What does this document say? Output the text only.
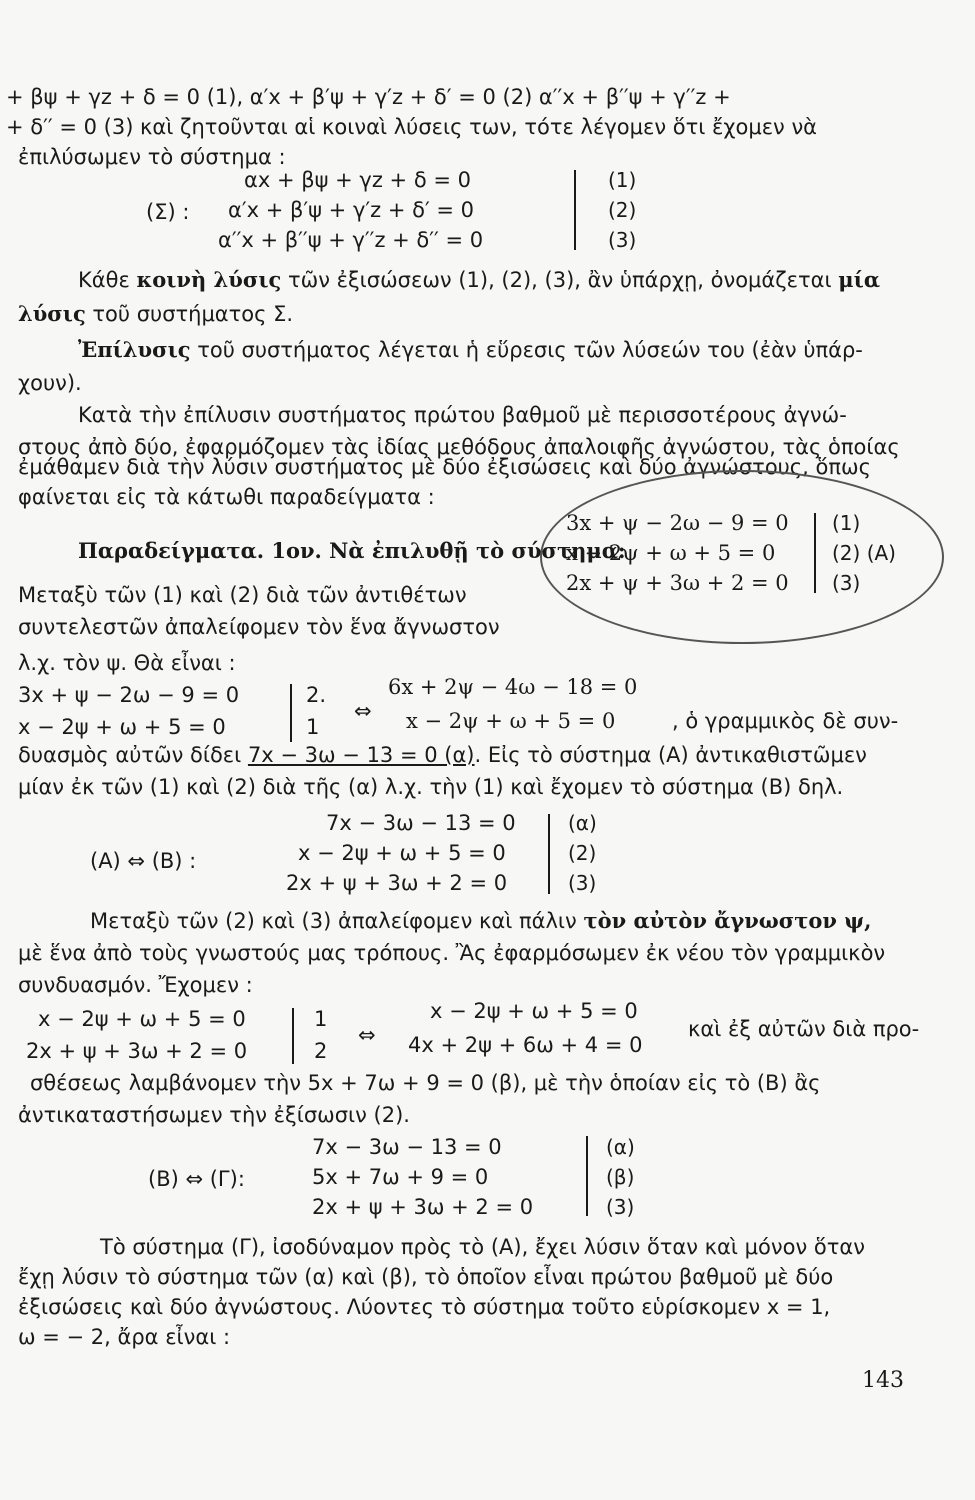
+ βψ + γz + δ = 0 (1), α′x + β′ψ + γ′z + δ′ = 0 (2) α′′x + β′′ψ + γ′′z +
+ δ′′ = 0 (3) καὶ ζητοῦνται αἱ κοιναὶ λύσεις των, τότε λέγομεν ὅτι ἔχομεν νὰ
ἐπιλύσωμεν τὸ σύστημα :
(Σ) :
αx + βψ + γz + δ = 0
α′x + β′ψ + γ′z + δ′ = 0
α′′x + β′′ψ + γ′′z + δ′′ = 0
(1)
(2)
(3)
Κάθε κοινὴ λύσις τῶν ἐξισώσεων (1), (2), (3), ἂν ὑπάρχῃ, ὀνομάζεται μία
λύσις τοῦ συστήματος Σ.
Ἐπίλυσις τοῦ συστήματος λέγεται ἡ εὕρεσις τῶν λύσεών του (ἐὰν ὑπάρ-
χουν).
Κατὰ τὴν ἐπίλυσιν συστήματος πρώτου βαθμοῦ μὲ περισσοτέρους ἀγνώ-
στους ἀπὸ δύο, ἐφαρμόζομεν τὰς ἰδίας μεθόδους ἀπαλοιφῆς ἀγνώστου, τὰς ὁποίας
ἐμάθαμεν διὰ τὴν λύσιν συστήματος μὲ δύο ἐξισώσεις καὶ δύο ἀγνώστους, ὅπως
φαίνεται εἰς τὰ κάτωθι παραδείγματα :
Παραδείγματα. 1ον. Νὰ ἐπιλυθῇ τὸ σύστημα:
3x + ψ − 2ω − 9 = 0
x − 2ψ + ω + 5 = 0
2x + ψ + 3ω + 2 = 0
(1)
(2) (A)
(3)
Μεταξὺ τῶν (1) καὶ (2) διὰ τῶν ἀντιθέτων
συντελεστῶν ἀπαλείφομεν τὸν ἕνα ἄγνωστον
λ.χ. τὸν ψ. Θὰ εἶναι :
3x + ψ − 2ω − 9 = 0
x − 2ψ + ω + 5 = 0
2.
1
⇔
6x + 2ψ − 4ω − 18 = 0
x − 2ψ + ω + 5 = 0	, ὁ γραμμικὸς δὲ συν-
δυασμὸς αὐτῶν δίδει 7x − 3ω − 13 = 0 (α). Εἰς τὸ σύστημα (A) ἀντικαθιστῶμεν
μίαν ἐκ τῶν (1) καὶ (2) διὰ τῆς (α) λ.χ. τὴν (1) καὶ ἔχομεν τὸ σύστημα (B) δηλ.
(A) ⇔ (B) :
7x − 3ω − 13 = 0
x − 2ψ + ω + 5 = 0
2x + ψ + 3ω + 2 = 0
(α)
(2)
(3)
Μεταξὺ τῶν (2) καὶ (3) ἀπαλείφομεν καὶ πάλιν τὸν αὐτὸν ἄγνωστον ψ,
μὲ ἕνα ἀπὸ τοὺς γνωστούς μας τρόπους. Ἂς ἐφαρμόσωμεν ἐκ νέου τὸν γραμμικὸν
συνδυασμόν. Ἔχομεν :
x − 2ψ + ω + 5 = 0
2x + ψ + 3ω + 2 = 0
1
2
⇔
x − 2ψ + ω + 5 = 0
4x + 2ψ + 6ω + 4 = 0
καὶ ἐξ αὐτῶν διὰ προ-
σθέσεως λαμβάνομεν τὴν 5x + 7ω + 9 = 0 (β), μὲ τὴν ὁποίαν εἰς τὸ (B) ἂς
ἀντικαταστήσωμεν τὴν ἐξίσωσιν (2).
(B) ⇔ (Γ):
7x − 3ω − 13 = 0
5x + 7ω + 9 = 0
2x + ψ + 3ω + 2 = 0
(α)
(β)
(3)
Τὸ σύστημα (Γ), ἰσοδύναμον πρὸς τὸ (A), ἔχει λύσιν ὅταν καὶ μόνον ὅταν
ἔχῃ λύσιν τὸ σύστημα τῶν (α) καὶ (β), τὸ ὁποῖον εἶναι πρώτου βαθμοῦ μὲ δύο
ἐξισώσεις καὶ δύο ἀγνώστους. Λύοντες τὸ σύστημα τοῦτο εὑρίσκομεν x = 1,
ω = − 2, ἄρα εἶναι :
143
